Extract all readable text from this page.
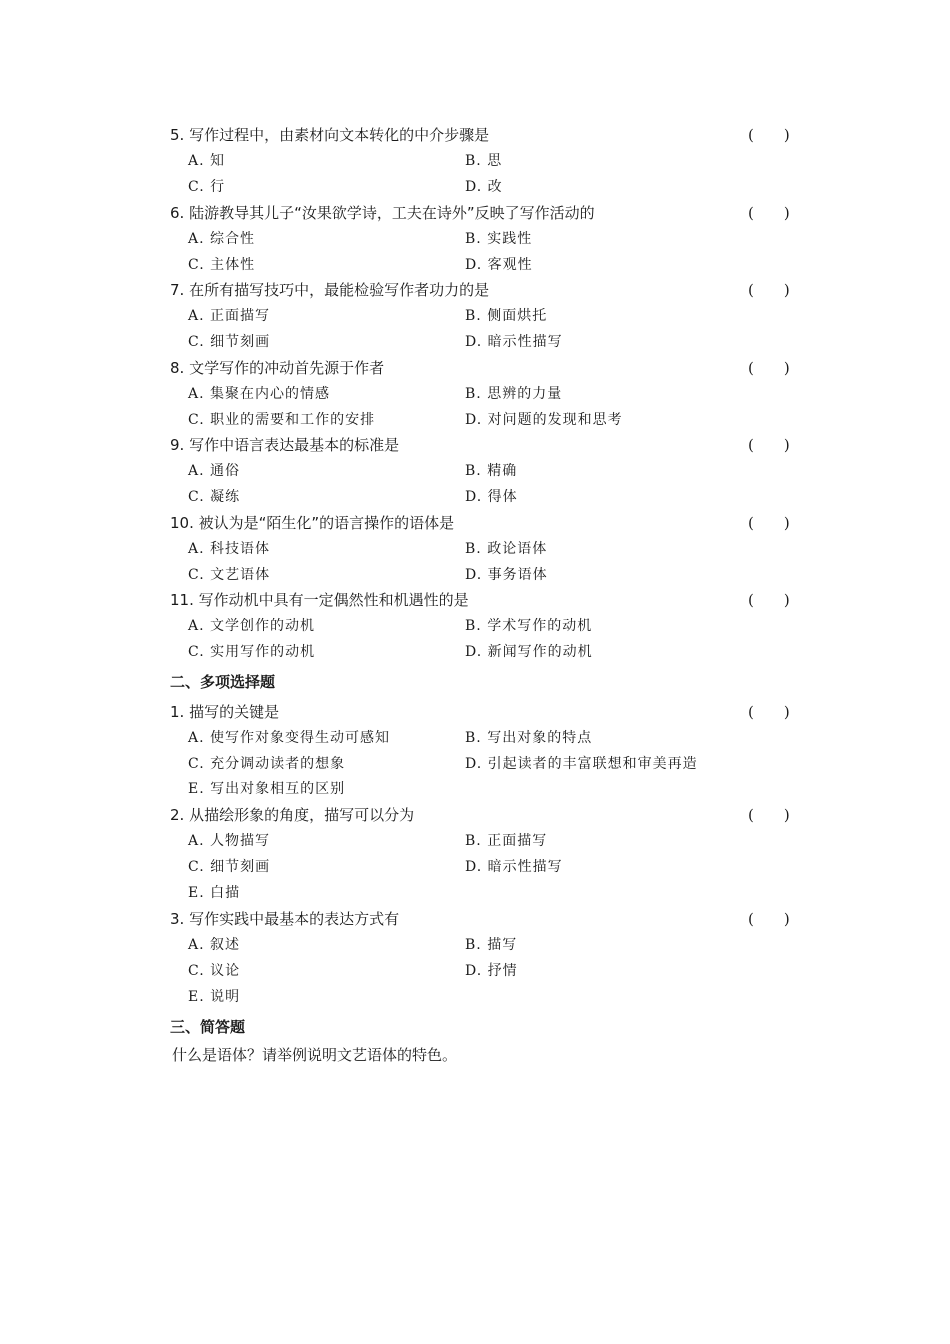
5. 写作过程中，由素材向文本转化的中介步骤是	(　　)
A. 知	B. 思
C. 行	D. 改
6. 陆游教导其儿子“汝果欲学诗，工夫在诗外”反映了写作活动的	(　　)
A. 综合性	B. 实践性
C. 主体性	D. 客观性
7. 在所有描写技巧中，最能检验写作者功力的是	(　　)
A. 正面描写	B. 侧面烘托
C. 细节刻画	D. 暗示性描写
8. 文学写作的冲动首先源于作者	(　　)
A. 集聚在内心的情感	B. 思辨的力量
C. 职业的需要和工作的安排	D. 对问题的发现和思考
9. 写作中语言表达最基本的标准是	(　　)
A. 通俗	B. 精确
C. 凝练	D. 得体
10. 被认为是“陌生化”的语言操作的语体是	(　　)
A. 科技语体	B. 政论语体
C. 文艺语体	D. 事务语体
11. 写作动机中具有一定偶然性和机遇性的是	(　　)
A. 文学创作的动机	B. 学术写作的动机
C. 实用写作的动机	D. 新闻写作的动机
二、多项选择题
1. 描写的关键是	(　　)
A. 使写作对象变得生动可感知	B. 写出对象的特点
C. 充分调动读者的想象	D. 引起读者的丰富联想和审美再造
E. 写出对象相互的区别
2. 从描绘形象的角度，描写可以分为	(　　)
A. 人物描写	B. 正面描写
C. 细节刻画	D. 暗示性描写
E. 白描
3. 写作实践中最基本的表达方式有	(　　)
A. 叙述	B. 描写
C. 议论	D. 抒情
E. 说明
三、简答题
什么是语体？请举例说明文艺语体的特色。
